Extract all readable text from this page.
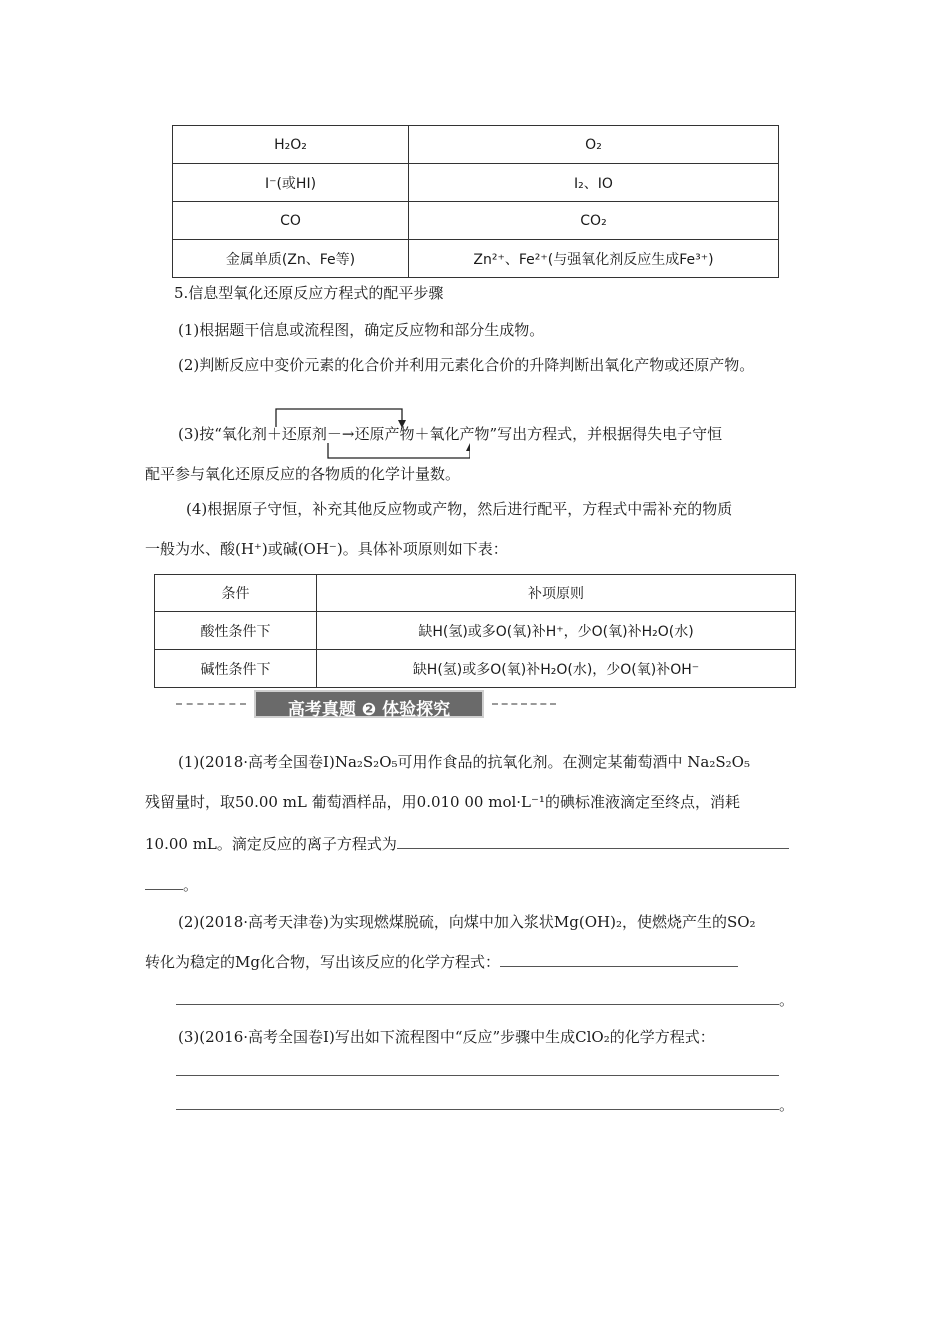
H₂O₂	O₂
I⁻(或HI)	I₂、IO
CO	CO₂
金属单质(Zn、Fe等)	Zn²⁺、Fe²⁺(与强氧化剂反应生成Fe³⁺)
5.信息型氧化还原反应方程式的配平步骤
(1)根据题干信息或流程图，确定反应物和部分生成物。
(2)判断反应中变价元素的化合价并利用元素化合价的升降判断出氧化产物或还原产物。
(3)按“氧化剂＋还原剂－→还原产物＋氧化产物”写出方程式，并根据得失电子守恒
配平参与氧化还原反应的各物质的化学计量数。
(4)根据原子守恒，补充其他反应物或产物，然后进行配平，方程式中需补充的物质
一般为水、酸(H⁺)或碱(OH⁻)。具体补项原则如下表：
条件	补项原则
酸性条件下	缺H(氢)或多O(氧)补H⁺，少O(氧)补H₂O(水)
碱性条件下	缺H(氢)或多O(氧)补H₂O(水)，少O(氧)补OH⁻
高考真题 ❷ 体验探究
(1)(2018·高考全国卷Ⅰ)Na₂S₂O₅可用作食品的抗氧化剂。在测定某葡萄酒中 Na₂S₂O₅
残留量时，取50.00 mL 葡萄酒样品，用0.010 00 mol·L⁻¹的碘标准液滴定至终点，消耗
10.00 mL。滴定反应的离子方程式为
。
(2)(2018·高考天津卷)为实现燃煤脱硫，向煤中加入浆状Mg(OH)₂，使燃烧产生的SO₂
转化为稳定的Mg化合物，写出该反应的化学方程式：
。
(3)(2016·高考全国卷Ⅰ)写出如下流程图中“反应”步骤中生成ClO₂的化学方程式：
。
